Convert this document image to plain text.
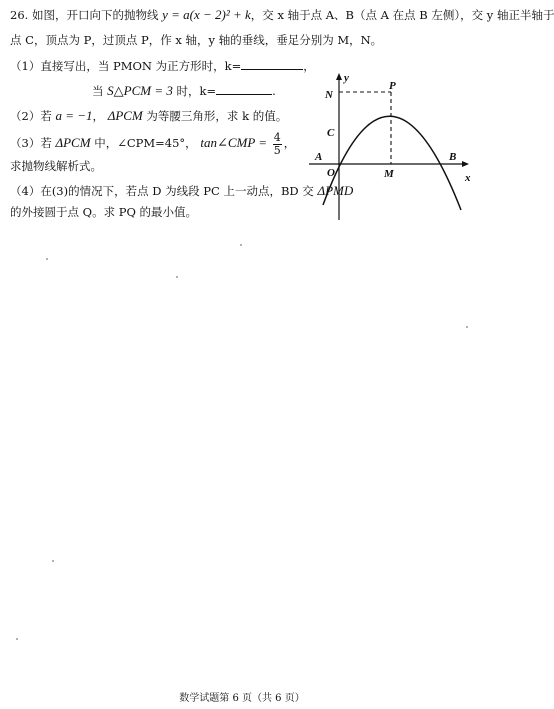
26. 如图，开口向下的抛物线 y = a(x − 2)² + k，交 x 轴于点 A、B（点 A 在点 B 左侧），交 y 轴正半轴于
点 C，顶点为 P，过顶点 P，作 x 轴，y 轴的垂线，垂足分别为 M，N。
（1）直接写出，当 PMON 为正方形时，k=	，
当 S△PCM = 3 时，k=	.
（2）若 a = −1， ΔPCM 为等腰三角形，求 k 的值。
（3）若 ΔPCM 中，∠CPM=45°， tan∠CMP = $\frac{4}{5}$ ，
求抛物线解析式。
（4）在(3)的情况下，若点 D 为线段 PC 上一动点，BD 交 ΔPMD
的外接圆于点 Q。求 PQ 的最小值。
y
x
N
P
C
A
O	M
B
数学试题第 6 页（共 6 页）
